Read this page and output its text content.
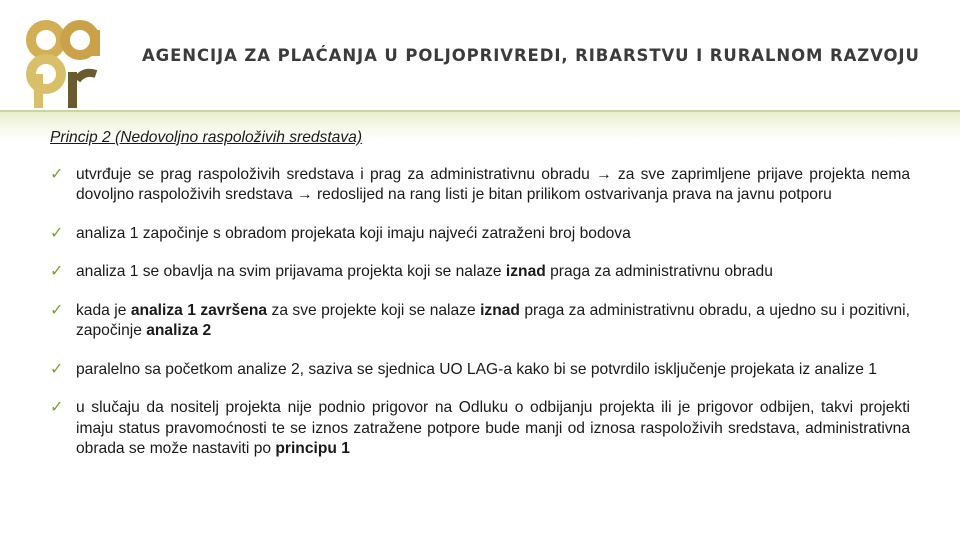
AGENCIJA ZA PLAĆANJA U POLJOPRIVREDI, RIBARSTVU I RURALNOM RAZVOJU
Princip 2 (Nedovoljno raspoloživih sredstava)
✓ utvrđuje se prag raspoloživih sredstava i prag za administrativnu obradu → za sve zaprimljene prijave projekta nema dovoljno raspoloživih sredstava → redoslijed na rang listi je bitan prilikom ostvarivanja prava na javnu potporu
✓ analiza 1 započinje s obradom projekata koji imaju najveći zatraženi broj bodova
✓ analiza 1 se obavlja na svim prijavama projekta koji se nalaze iznad praga za administrativnu obradu
✓ kada je analiza 1 završena za sve projekte koji se nalaze iznad praga za administrativnu obradu, a ujedno su i pozitivni, započinje analiza 2
✓ paralelno sa početkom analize 2, saziva se sjednica UO LAG-a kako bi se potvrdilo isključenje projekata iz analize 1
✓ u slučaju da nositelj projekta nije podnio prigovor na Odluku o odbijanju projekta ili je prigovor odbijen, takvi projekti imaju status pravomoćnosti te se iznos zatražene potpore bude manji od iznosa raspoloživih sredstava, administrativna obrada se može nastaviti po principu 1
